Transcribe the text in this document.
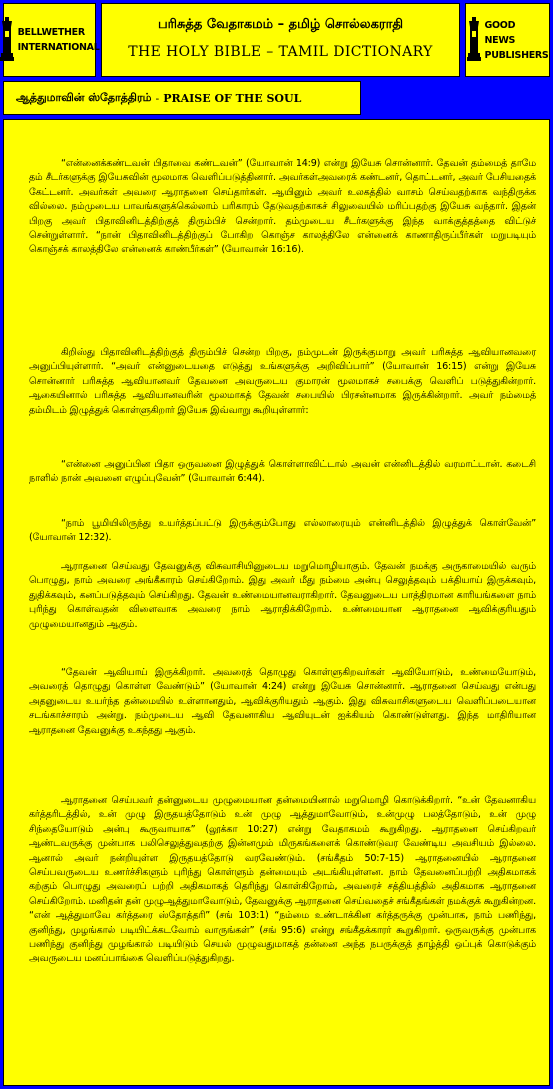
BELLWETHER
INTERNATIONAL
பரிசுத்த வேதாகமம் – தமிழ் சொல்லகராதி
THE HOLY BIBLE – TAMIL DICTIONARY
GOOD NEWS
PUBLISHERS
ஆத்துமாவின் ஸ்தோத்திரம் - PRAISE OF THE SOUL

“என்னைக்கண்டவன் பிதாவை கண்டவன்” (யோவான் 14:9) என்று இயேசு சொன்னார். தேவன் தம்மைத் தாமே தம் சீடர்களுக்கு இயேசுவின் மூலமாக வெளிப்படுத்தினார். அவர்கள்அவரைக் கண்டனர், தொட்டனர், அவர் பேசியதைக் கேட்டனர். அவர்கள் அவரை ஆராதனை செய்தார்கள். ஆயினும் அவர் உலகத்தில் வாசம் செய்வதற்காக வந்திருக்க வில்லை. நம்முடைய பாவங்களுக்கெல்லாம் பரிகாரம் தேடுவதற்காகச் சிலுவையில் மரிப்பதற்கு இயேசு வந்தார். இதன் பிறகு அவர் பிதாவினிடத்திற்குத் திரும்பிச் சென்றார். தம்முடைய சீடர்களுக்கு இந்த வாக்குத்தத்தை விட்டுச் சென்றுள்ளார். “நான் பிதாவினிடத்திற்குப் போகிற கொஞ்ச காலத்திலே என்னைக் காணாதிருப்பீர்கள் மறுபடியும் கொஞ்சக் காலத்திலே என்னைக் காண்பீர்கள்” (யோவான் 16:16).

கிறிஸ்து பிதாவினிடத்திற்குத் திரும்பிச் சென்ற பிறகு, நம்முடன் இருக்குமாறு அவர் பரிசுத்த ஆவியானவரை அனுப்பியுள்ளார். “அவர் என்னுடையதை எடுத்து உங்களுக்கு அறிவிப்பார்” (யோவான் 16:15) என்று இயேசு சொன்னார் பரிசுத்த ஆவியானவர் தேவனை அவருடைய குமாரன் மூலமாகச் சபைக்கு வெளிப் படுத்துகின்றார். ஆகையினால் பரிசுத்த ஆவியானவரின் மூலமாகத் தேவன் சபையில் பிரசன்னமாக இருக்கின்றார். அவர் நம்மைத் தம்மிடம் இழுத்துக் கொள்ளுகிறார் இயேசு இவ்வாறு கூறியுள்ளார்:

“என்னை அனுப்பின பிதா ஒருவனை இழுத்துக் கொள்ளாவிட்டால் அவன் என்னிடத்தில் வரமாட்டான். கடைசி நாளில் நான் அவனை எழுப்புவேன்” (யோவான் 6:44).

“நாம் பூமியிலிருந்து உயர்த்தப்பட்டு இருக்கும்போது எல்லாரையும் என்னிடத்தில் இழுத்துக் கொள்வேன்” (யோவான் 12:32).

ஆராதனை செய்வது தேவனுக்கு விசுவாசியினுடைய மறுமொழியாகும். தேவன் நமக்கு அருகாமையில் வரும் பொழுது, நாம் அவரை அங்கீகாரம் செய்கிறோம். இது அவர் மீது நம்மை அன்பு செலுத்தவும் பக்தியாய் இருக்கவும், துதிக்கவும், கனப்படுத்தவும் செய்கிறது. தேவன் உண்மையானவராகிறார். தேவனுடைய பாத்திரமான காரியங்களை நாம் புரிந்து கொள்வதன் விளைவாக அவரை நாம் ஆராதிக்கிறோம். உண்மையான ஆராதனை ஆவிக்குரியதும் முழுமையானதும் ஆகும்.

“தேவன் ஆவியாய் இருக்கிறார். அவரைத் தொழுது கொள்ளுகிறவர்கள் ஆவியோடும், உண்மையோடும், அவரைத் தொழுது கொள்ள வேண்டும்” (யோவான் 4:24) என்று இயேசு சொன்னார். ஆராதனை செய்வது என்பது அதனுடைய உயர்ந்த தன்மையில் உள்ளானதும், ஆவிக்குரியதும் ஆகும். இது விசுவாசிகளுடைய வெளிப்படையான சடங்காச்சாரம் அன்று. நம்முடைய ஆவி தேவனாகிய ஆவியுடன் ஐக்கியம் கொண்டுள்ளது. இந்த மாதிரியான ஆராதனை தேவனுக்கு உகந்தது ஆகும்.

ஆராதனை செய்பவர் தன்னுடைய முழுமையான தன்மையினால் மறுமொழி கொடுக்கிறார். “உன் தேவனாகிய கர்த்தரிடத்தில், உன் முழு இருதயத்தோடும் உன் முழு ஆத்துமாவோடும், உன்முழு பலத்தோடும், உன் முழு சிந்தையோடும் அன்பு கூருவாயாக” (லூக்கா 10:27) என்று வேதாகமம் கூறுகிறது. ஆராதனை செய்கிறவர் ஆண்டவருக்கு முன்பாக பலிசெலுத்துவதற்கு இன்னமும் மிருகங்களைக் கொண்டுவர வேண்டிய அவசியம் இல்லை. ஆனால் அவர் நன்றியுள்ள இருதயத்தோடு வரவேண்டும். (சங்கீதம் 50:7-15) ஆராதனையில் ஆராதனை செய்பவருடைய உணர்ச்சிகளும் புரிந்து கொள்ளும் தன்மையும் அடங்கியுள்ளன. நாம் தேவனைப்பற்றி அதிகமாகக் கற்கும் பொழுது அவரைப் பற்றி அதிகமாகத் தெரிந்து கொள்கிறோம், அவரைச் சத்தியத்தில் அதிகமாக ஆராதனை செய்கிறோம். மனிதன் தன் முழுஆத்துமாவோடும், தேவனுக்கு ஆராதனை செய்வதைச் சங்கீதங்கள் நமக்குக் கூறுகின்றன. “என் ஆத்துமாவே கர்த்தரை ஸ்தோத்தரி” (சங் 103:1) “நம்மை உண்டாக்கின கர்த்தருக்கு முன்பாக, நாம் பணிந்து, குனிந்து, முழங்கால் படியிட்க்கடவோம் வாருங்கள்” (சங் 95:6) என்று சங்கீதக்காரர் கூறுகிறார். ஒருவருக்கு முன்பாக பணிந்து குனிந்து முழங்கால் படியிடும் செயல் முழுவதுமாகத் தன்னை அந்த நபருக்குத் தாழ்த்தி ஒப்புக் கொடுக்கும் அவருடைய மனப்பாங்கை வெளிப்படுத்துகிறது.
